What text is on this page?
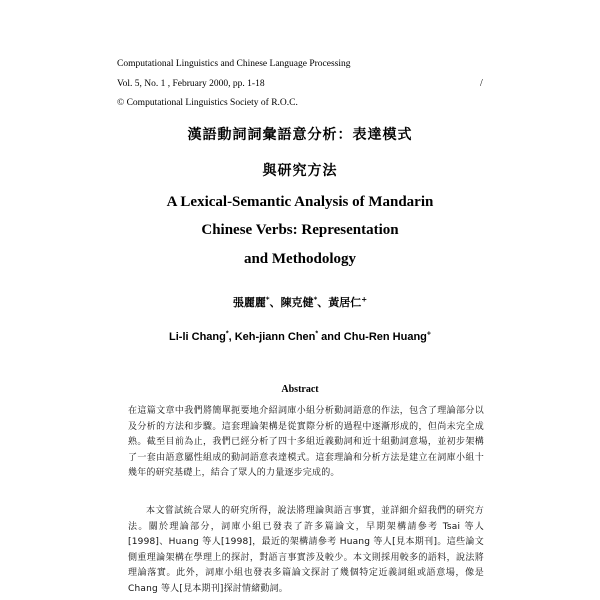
Computational Linguistics and Chinese Language Processing
Vol. 5, No. 1 , February 2000, pp. 1-18	/
© Computational Linguistics Society of R.O.C.
漢語動詞詞彙語意分析：表達模式
與研究方法
A Lexical-Semantic Analysis of Mandarin
Chinese Verbs: Representation
and Methodology
張麗麗*、陳克健*、黃居仁+
Li-li Chang*, Keh-jiann Chen* and Chu-Ren Huang+
Abstract
在這篇文章中我們將簡單扼要地介紹詞庫小組分析動詞語意的作法，包含了理論部分以及分析的方法和步驟。這套理論架構是從實際分析的過程中逐漸形成的，但尚未完全成熟。截至目前為止，我們已經分析了四十多組近義動詞和近十組動詞意場，並初步架構了一套由語意屬性組成的動詞語意表達模式。這套理論和分析方法是建立在詞庫小組十幾年的研究基礎上，結合了眾人的力量逐步完成的。
本文嘗試統合眾人的研究所得，說法將理論與語言事實，並詳細介紹我們的研究方法。關於理論部分，詞庫小組已發表了許多篇論文，早期架構請參考 Tsai 等人[1998]、Huang 等人[1998]，最近的架構請參考 Huang 等人[見本期刊]。這些論文側重理論架構在學理上的探討，對語言事實涉及較少。本文則採用較多的語料，說法將理論落實。此外，詞庫小組也發表多篇論文探討了幾個特定近義詞組或語意場，像是 Chang 等人[見本期刊]探討情緒動詞。
